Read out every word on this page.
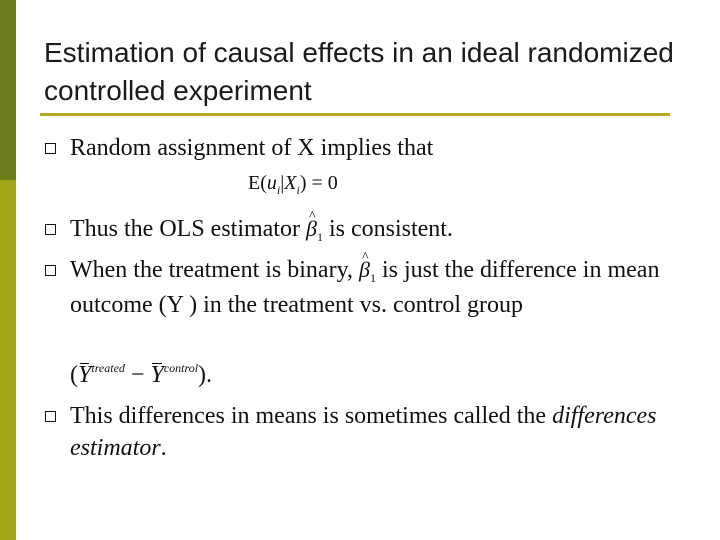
Estimation of causal effects in an ideal randomized controlled experiment
Random assignment of X implies that
$E(u_i|X_i) = 0$
Thus the OLS estimator ^ $\beta_1$ is consistent.
When the treatment is binary, ^ $\beta_1$ is just the difference in mean outcome (Y ) in the treatment vs. control group
$(Y^{treated} - Y^{control})$.
This differences in means is sometimes called the differences estimator.
